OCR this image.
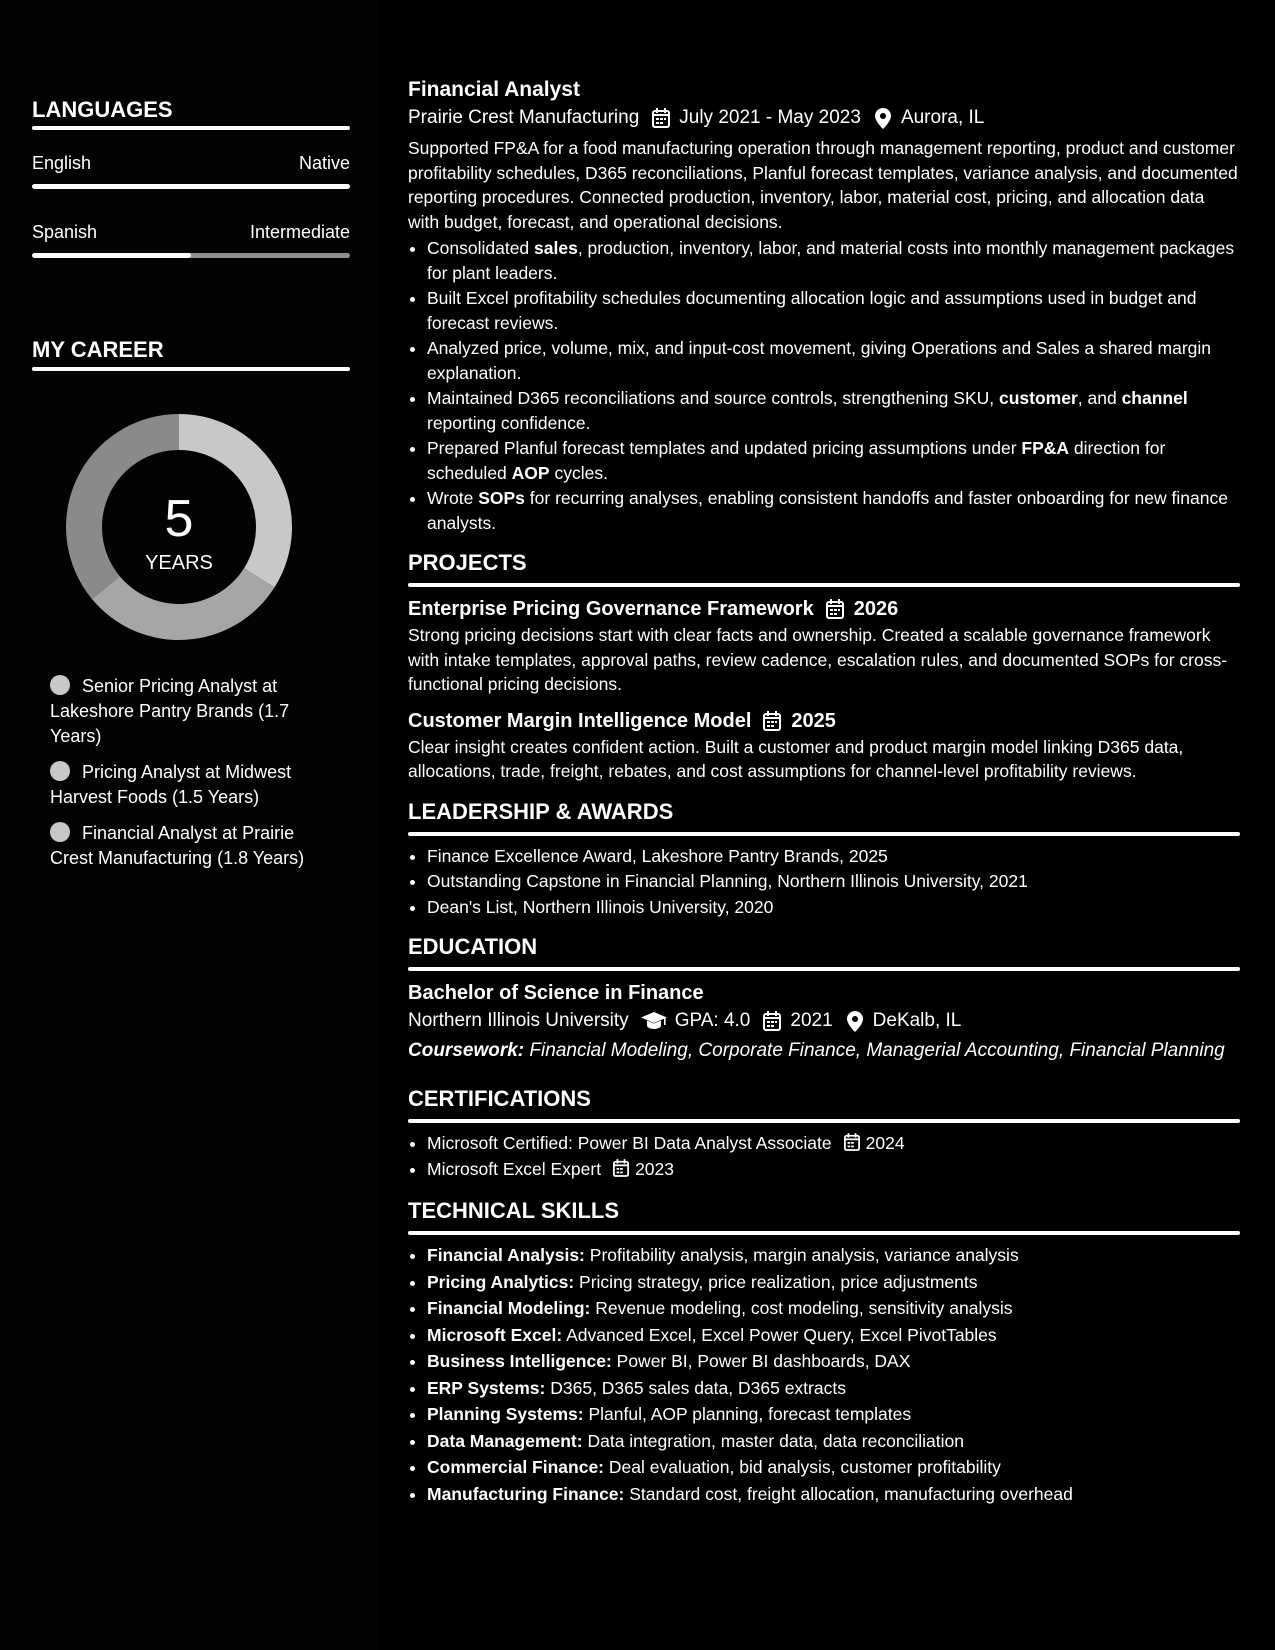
LANGUAGES
English	Native
Spanish	Intermediate
MY CAREER
5
YEARS
Senior Pricing Analyst at Lakeshore Pantry Brands (1.7 Years)
Pricing Analyst at Midwest Harvest Foods (1.5 Years)
Financial Analyst at Prairie Crest Manufacturing (1.8 Years)
Financial Analyst
Prairie Crest Manufacturing July 2021 - May 2023 Aurora, IL
Supported FP&A for a food manufacturing operation through management reporting, product and customer profitability schedules, D365 reconciliations, Planful forecast templates, variance analysis, and documented reporting procedures. Connected production, inventory, labor, material cost, pricing, and allocation data with budget, forecast, and operational decisions.
• Consolidated sales, production, inventory, labor, and material costs into monthly management packages for plant leaders.
• Built Excel profitability schedules documenting allocation logic and assumptions used in budget and forecast reviews.
• Analyzed price, volume, mix, and input-cost movement, giving Operations and Sales a shared margin explanation.
• Maintained D365 reconciliations and source controls, strengthening SKU, customer, and channel reporting confidence.
• Prepared Planful forecast templates and updated pricing assumptions under FP&A direction for scheduled AOP cycles.
• Wrote SOPs for recurring analyses, enabling consistent handoffs and faster onboarding for new finance analysts.
PROJECTS
Enterprise Pricing Governance Framework 2026
Strong pricing decisions start with clear facts and ownership. Created a scalable governance framework with intake templates, approval paths, review cadence, escalation rules, and documented SOPs for cross-functional pricing decisions.
Customer Margin Intelligence Model 2025
Clear insight creates confident action. Built a customer and product margin model linking D365 data, allocations, trade, freight, rebates, and cost assumptions for channel-level profitability reviews.
LEADERSHIP & AWARDS
• Finance Excellence Award, Lakeshore Pantry Brands, 2025
• Outstanding Capstone in Financial Planning, Northern Illinois University, 2021
• Dean's List, Northern Illinois University, 2020
EDUCATION
Bachelor of Science in Finance
Northern Illinois University GPA: 4.0 2021 DeKalb, IL
Coursework: Financial Modeling, Corporate Finance, Managerial Accounting, Financial Planning
CERTIFICATIONS
• Microsoft Certified: Power BI Data Analyst Associate 2024
• Microsoft Excel Expert 2023
TECHNICAL SKILLS
• Financial Analysis: Profitability analysis, margin analysis, variance analysis
• Pricing Analytics: Pricing strategy, price realization, price adjustments
• Financial Modeling: Revenue modeling, cost modeling, sensitivity analysis
• Microsoft Excel: Advanced Excel, Excel Power Query, Excel PivotTables
• Business Intelligence: Power BI, Power BI dashboards, DAX
• ERP Systems: D365, D365 sales data, D365 extracts
• Planning Systems: Planful, AOP planning, forecast templates
• Data Management: Data integration, master data, data reconciliation
• Commercial Finance: Deal evaluation, bid analysis, customer profitability
• Manufacturing Finance: Standard cost, freight allocation, manufacturing overhead
